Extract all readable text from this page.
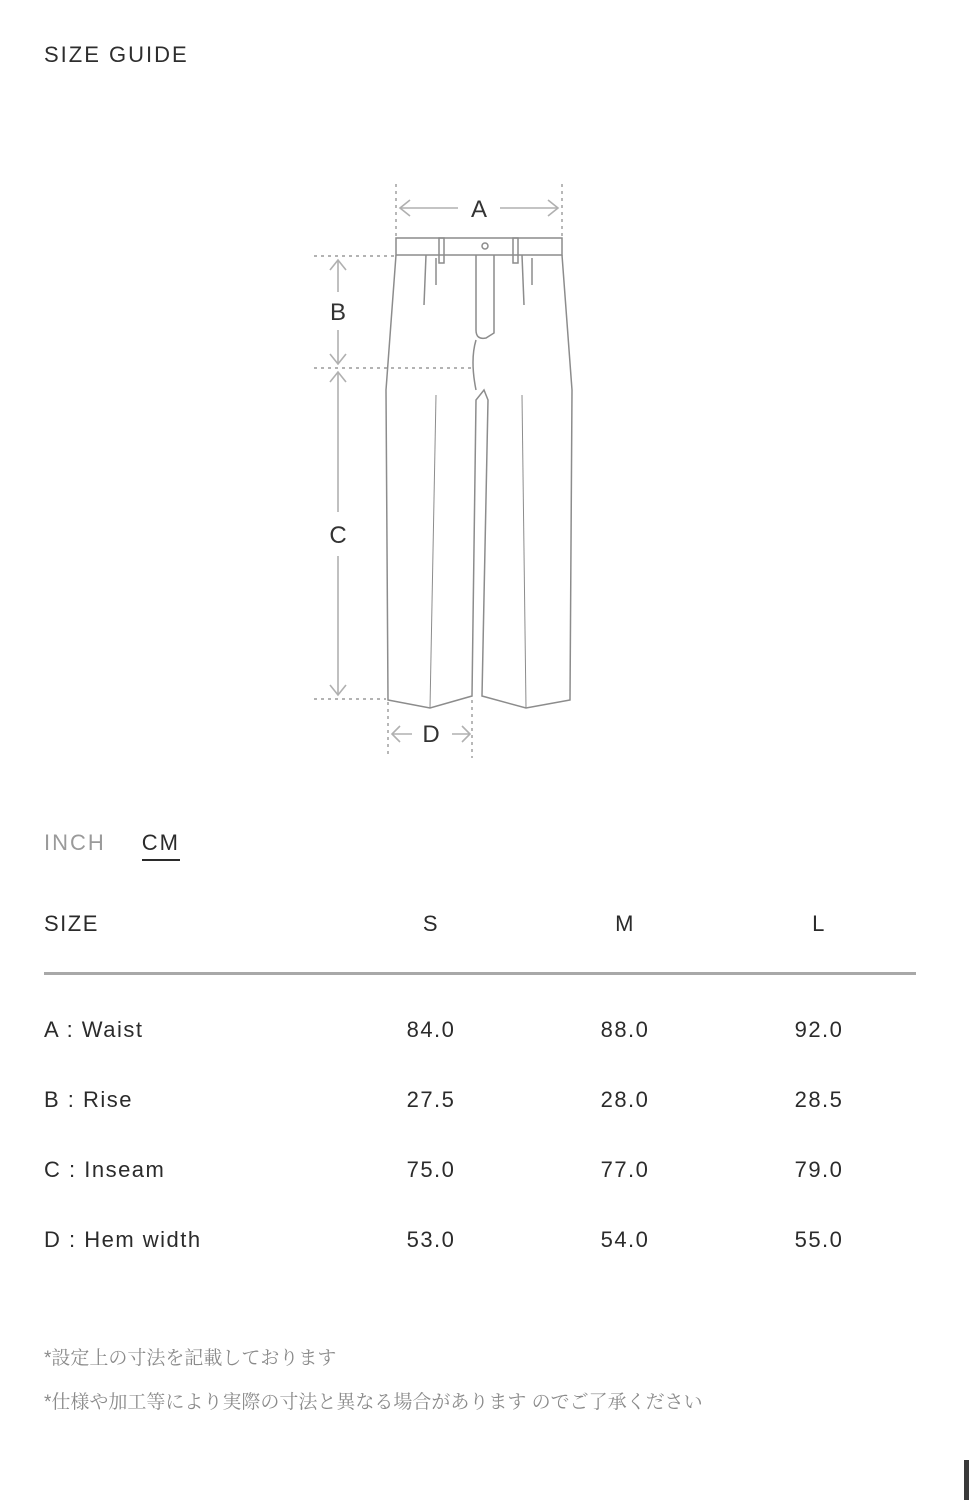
SIZE GUIDE
A
B
C
D
INCH CM
SIZE	S	M	L
A : Waist	84.0	88.0	92.0
B : Rise	27.5	28.0	28.5
C : Inseam	75.0	77.0	79.0
D : Hem width	53.0	54.0	55.0
*設定上の寸法を記載しております
*仕様や加工等により実際の寸法と異なる場合があります のでご了承ください
